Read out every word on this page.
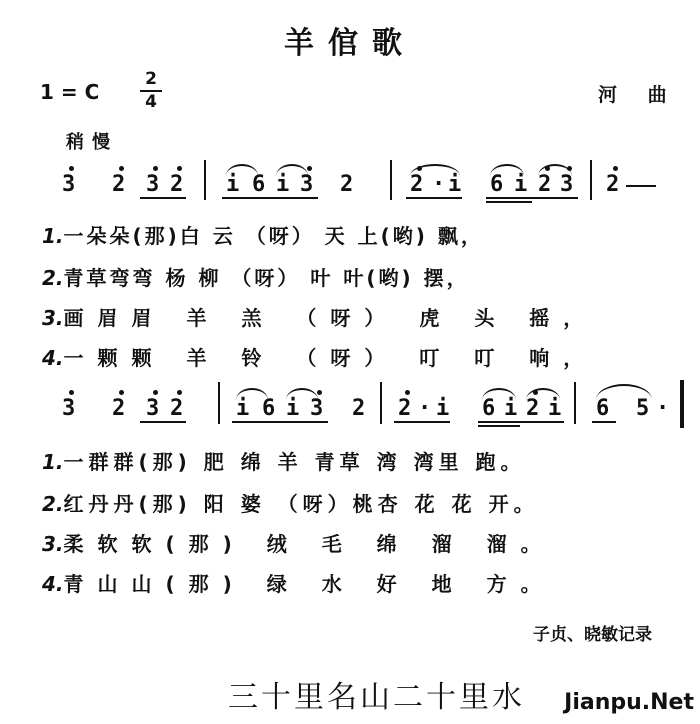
羊倌歌
1 = C
2
4	河 曲
稍慢
3 2 3 2 i 6 i 3 2	2 · i 6 i 2 3 2
1.一朵朵(那)白 云 （呀） 天 上(哟) 飘，
2.青草弯弯 杨 柳 （呀） 叶 叶(哟) 摆，
3.画眉眉 羊 羔 （呀） 虎 头 摇，
4.一颗颗 羊 铃 （呀） 叮 叮 响，
3 2 3 2 i 6 i 3 2 2 · i 6 i 2 i 6 5 ·
1.一群群(那) 肥 绵 羊 青草 湾 湾里 跑。
2.红丹丹(那) 阳 婆 （呀）桃杏 花 花 开。
3.柔软软(那) 绒 毛 绵 溜 溜。
4.青山山(那) 绿 水 好 地 方。
子贞、晓敏记录
三十里名山二十里水 Jianpu.Net
